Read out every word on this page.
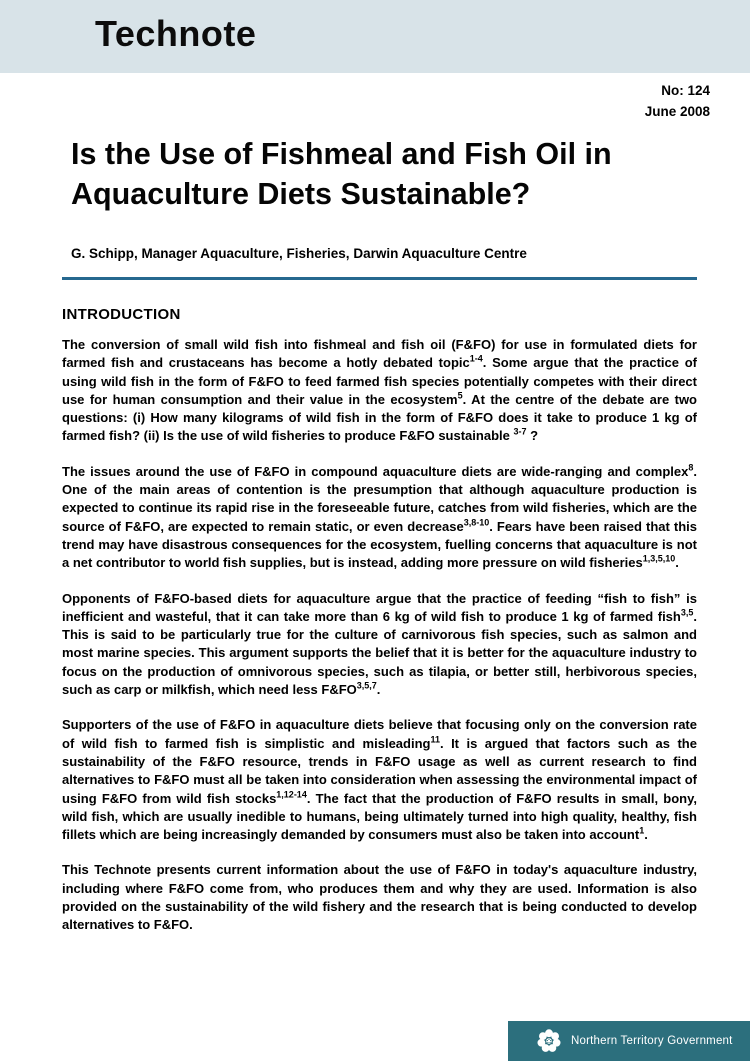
Technote
No: 124
June 2008
Is the Use of Fishmeal and Fish Oil in
Aquaculture Diets Sustainable?
G. Schipp, Manager Aquaculture, Fisheries, Darwin Aquaculture Centre
INTRODUCTION

The conversion of small wild fish into fishmeal and fish oil (F&FO) for use in formulated diets for farmed fish and crustaceans has become a hotly debated topic$^{1-4}$. Some argue that the practice of using wild fish in the form of F&FO to feed farmed fish species potentially competes with their direct use for human consumption and their value in the ecosystem$^5$. At the centre of the debate are two questions: (i) How many kilograms of wild fish in the form of F&FO does it take to produce 1 kg of farmed fish? (ii) Is the use of wild fisheries to produce F&FO sustainable $^{3-7}$ ?

The issues around the use of F&FO in compound aquaculture diets are wide-ranging and complex$^8$. One of the main areas of contention is the presumption that although aquaculture production is expected to continue its rapid rise in the foreseeable future, catches from wild fisheries, which are the source of F&FO, are expected to remain static, or even decrease$^{3,8-10}$. Fears have been raised that this trend may have disastrous consequences for the ecosystem, fuelling concerns that aquaculture is not a net contributor to world fish supplies, but is instead, adding more pressure on wild fisheries$^{1,3,5,10}$.

Opponents of F&FO-based diets for aquaculture argue that the practice of feeding “fish to fish” is inefficient and wasteful, that it can take more than 6 kg of wild fish to produce 1 kg of farmed fish$^{3,5}$. This is said to be particularly true for the culture of carnivorous fish species, such as salmon and most marine species. This argument supports the belief that it is better for the aquaculture industry to focus on the production of omnivorous species, such as tilapia, or better still, herbivorous species, such as carp or milkfish, which need less F&FO$^{3,5,7}$.

Supporters of the use of F&FO in aquaculture diets believe that focusing only on the conversion rate of wild fish to farmed fish is simplistic and misleading$^{11}$. It is argued that factors such as the sustainability of the F&FO resource, trends in F&FO usage as well as current research to find alternatives to F&FO must all be taken into consideration when assessing the environmental impact of using F&FO from wild fish stocks$^{1,12-14}$. The fact that the production of F&FO results in small, bony, wild fish, which are usually inedible to humans, being ultimately turned into high quality, healthy, fish fillets which are being increasingly demanded by consumers must also be taken into account$^1$.

This Technote presents current information about the use of F&FO in today's aquaculture industry, including where F&FO come from, who produces them and why they are used. Information is also provided on the sustainability of the wild fishery and the research that is being conducted to develop alternatives to F&FO.

Northern Territory Government
